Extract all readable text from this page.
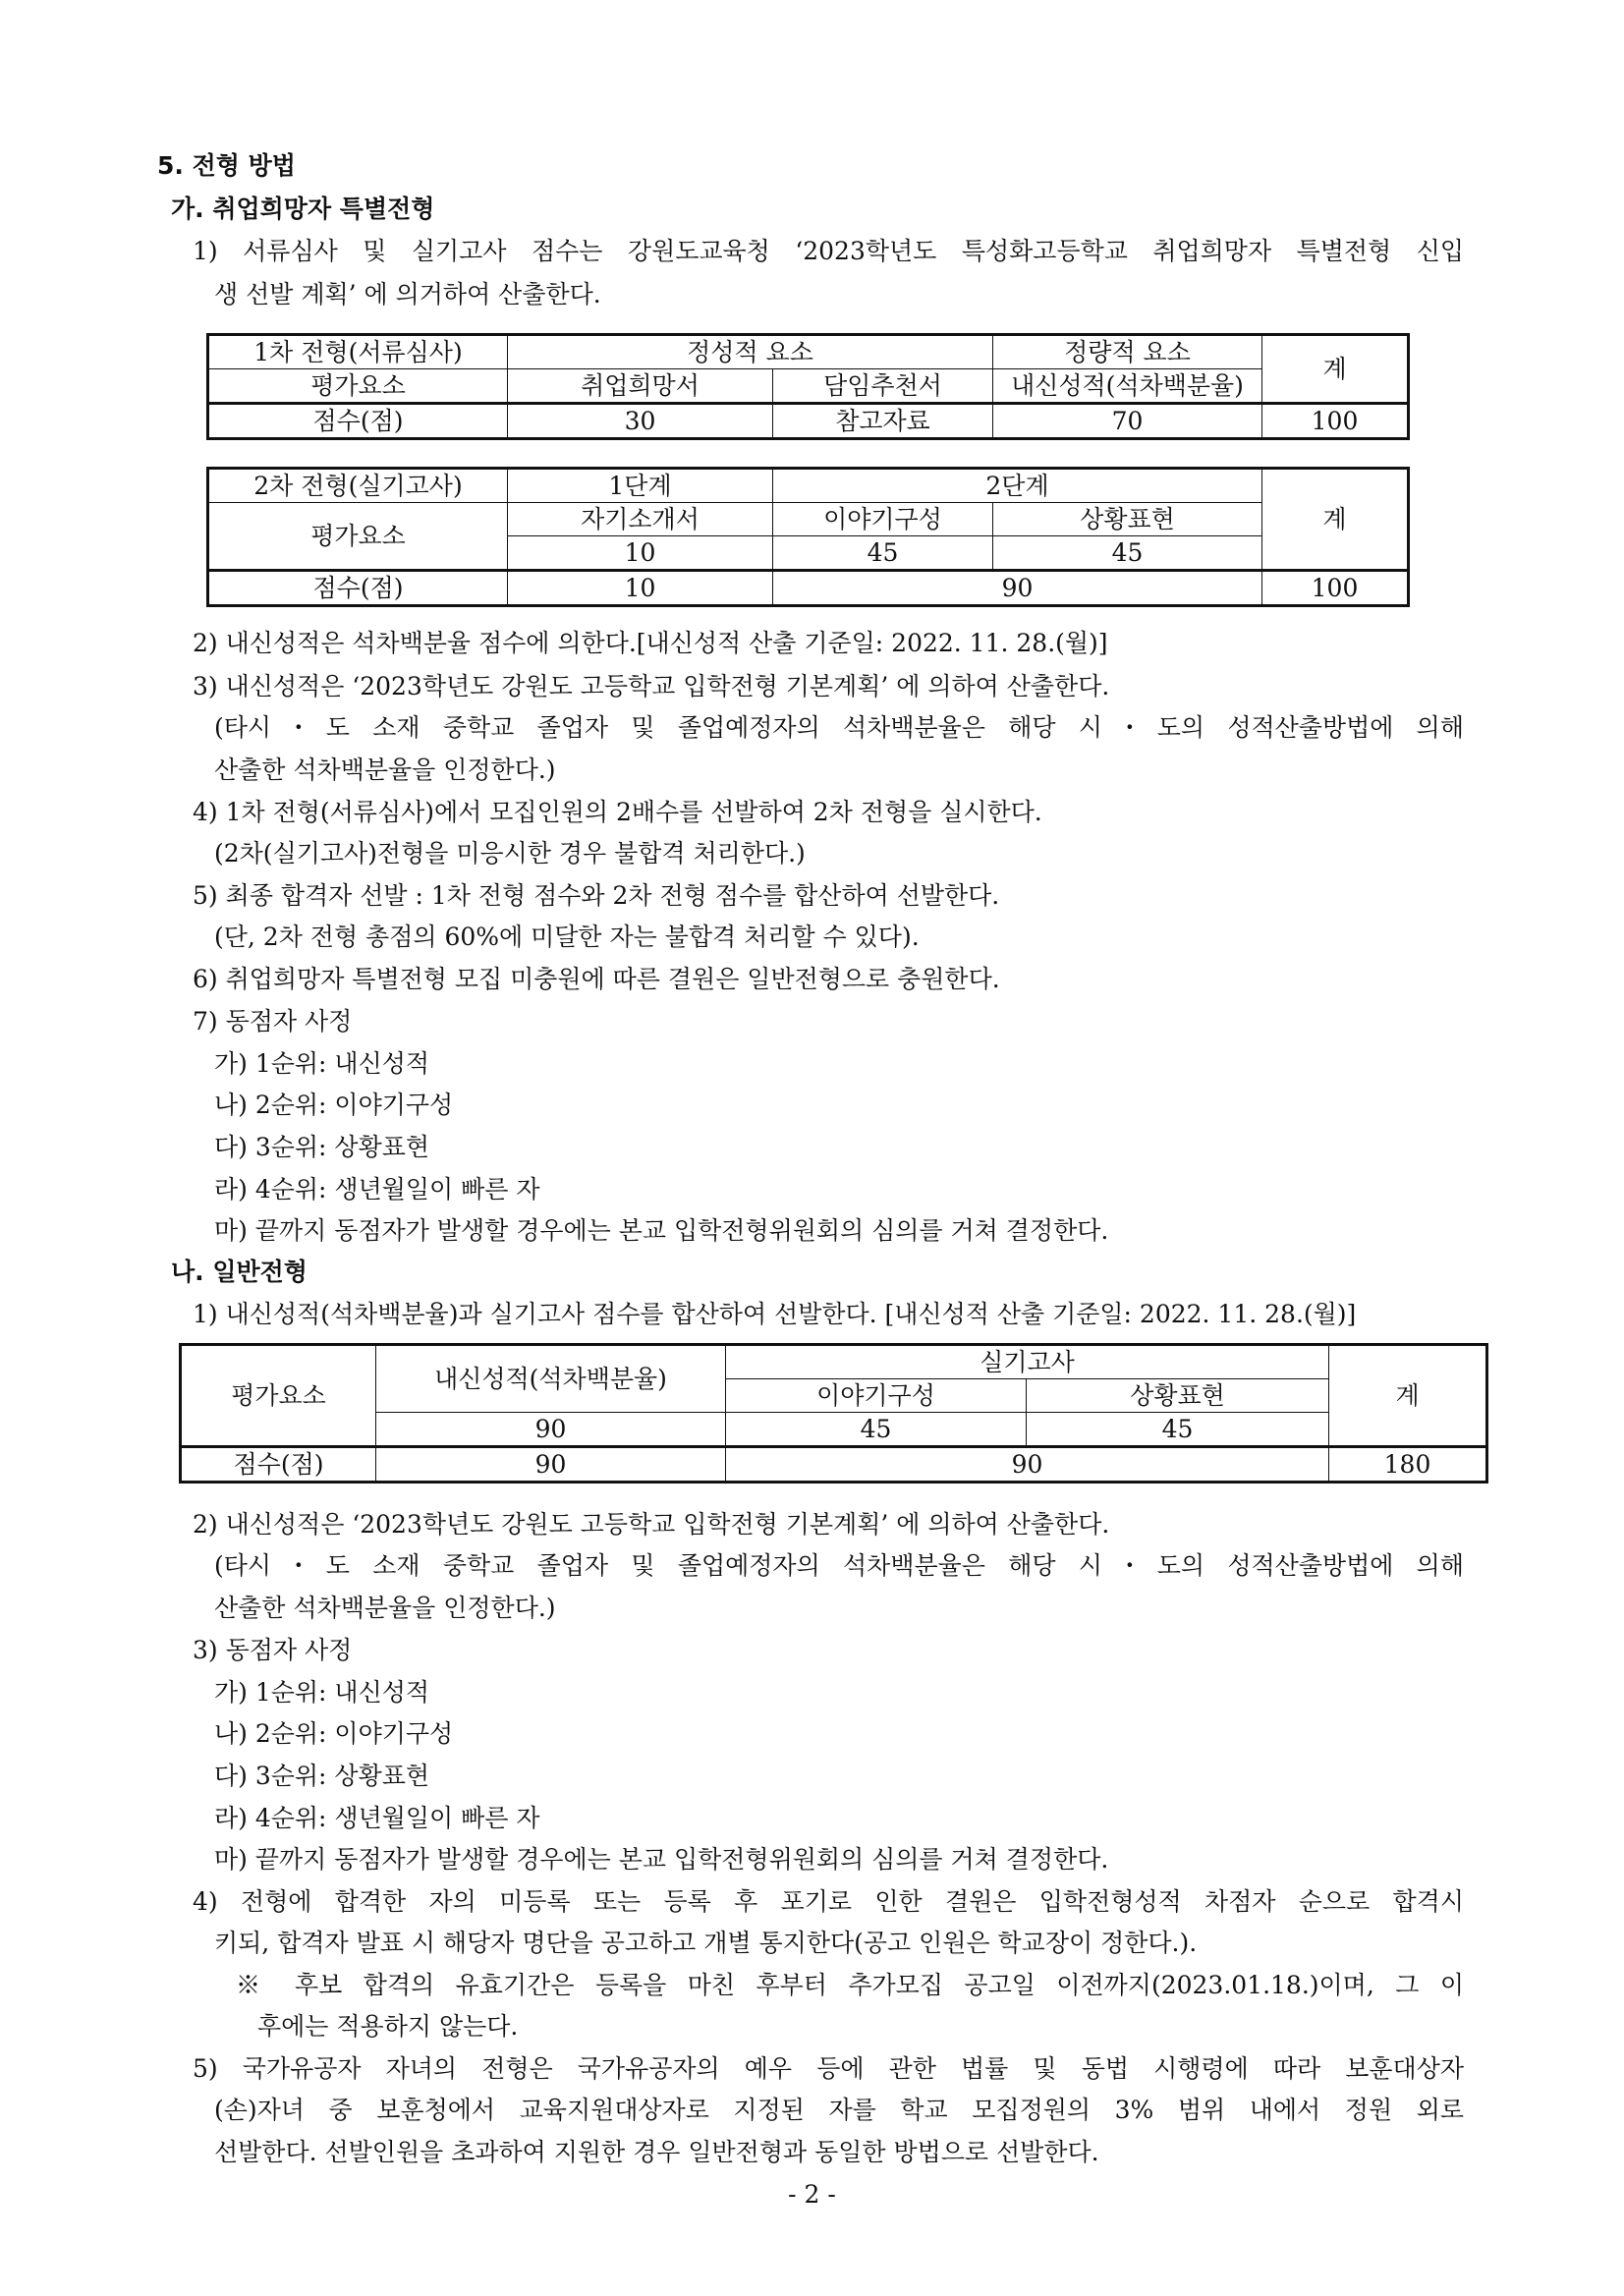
5. 전형 방법
가. 취업희망자 특별전형
1) 서류심사 및 실기고사 점수는 강원도교육청 ‘2023학년도 특성화고등학교 취업희망자 특별전형 신입
생 선발 계획’ 에 의거하여 산출한다.
1차 전형(서류심사)	정성적 요소		정량적 요소	계
평가요소	취업희망서	담임추천서	내신성적(석차백분율)	
점수(점)	30	참고자료	70	100
2차 전형(실기고사)	1단계	2단계		계
평가요소	자기소개서	이야기구성	상황표현	
	10	45	45	
점수(점)	10	90		100
2) 내신성적은 석차백분율 점수에 의한다.[내신성적 산출 기준일: 2022. 11. 28.(월)]
3) 내신성적은 ‘2023학년도 강원도 고등학교 입학전형 기본계획’ 에 의하여 산출한다.
(타시・도 소재 중학교 졸업자 및 졸업예정자의 석차백분율은 해당 시・도의 성적산출방법에 의해
산출한 석차백분율을 인정한다.)
4) 1차 전형(서류심사)에서 모집인원의 2배수를 선발하여 2차 전형을 실시한다.
(2차(실기고사)전형을 미응시한 경우 불합격 처리한다.)
5) 최종 합격자 선발 : 1차 전형 점수와 2차 전형 점수를 합산하여 선발한다.
(단, 2차 전형 총점의 60%에 미달한 자는 불합격 처리할 수 있다).
6) 취업희망자 특별전형 모집 미충원에 따른 결원은 일반전형으로 충원한다.
7) 동점자 사정
가) 1순위: 내신성적
나) 2순위: 이야기구성
다) 3순위: 상황표현
라) 4순위: 생년월일이 빠른 자
마) 끝까지 동점자가 발생할 경우에는 본교 입학전형위원회의 심의를 거쳐 결정한다.
나. 일반전형
1) 내신성적(석차백분율)과 실기고사 점수를 합산하여 선발한다. [내신성적 산출 기준일: 2022. 11. 28.(월)]
평가요소	내신성적(석차백분율)	실기고사		계
		이야기구성	상황표현	
	90	45	45	
점수(점)	90	90		180
2) 내신성적은 ‘2023학년도 강원도 고등학교 입학전형 기본계획’ 에 의하여 산출한다.
(타시・도 소재 중학교 졸업자 및 졸업예정자의 석차백분율은 해당 시・도의 성적산출방법에 의해
산출한 석차백분율을 인정한다.)
3) 동점자 사정
가) 1순위: 내신성적
나) 2순위: 이야기구성
다) 3순위: 상황표현
라) 4순위: 생년월일이 빠른 자
마) 끝까지 동점자가 발생할 경우에는 본교 입학전형위원회의 심의를 거쳐 결정한다.
4) 전형에 합격한 자의 미등록 또는 등록 후 포기로 인한 결원은 입학전형성적 차점자 순으로 합격시
키되, 합격자 발표 시 해당자 명단을 공고하고 개별 통지한다(공고 인원은 학교장이 정한다.).
※ 후보 합격의 유효기간은 등록을 마친 후부터 추가모집 공고일 이전까지(2023.01.18.)이며, 그 이
후에는 적용하지 않는다.
5) 국가유공자 자녀의 전형은 국가유공자의 예우 등에 관한 법률 및 동법 시행령에 따라 보훈대상자
(손)자녀 중 보훈청에서 교육지원대상자로 지정된 자를 학교 모집정원의 3% 범위 내에서 정원 외로
선발한다. 선발인원을 초과하여 지원한 경우 일반전형과 동일한 방법으로 선발한다.
- 2 -
